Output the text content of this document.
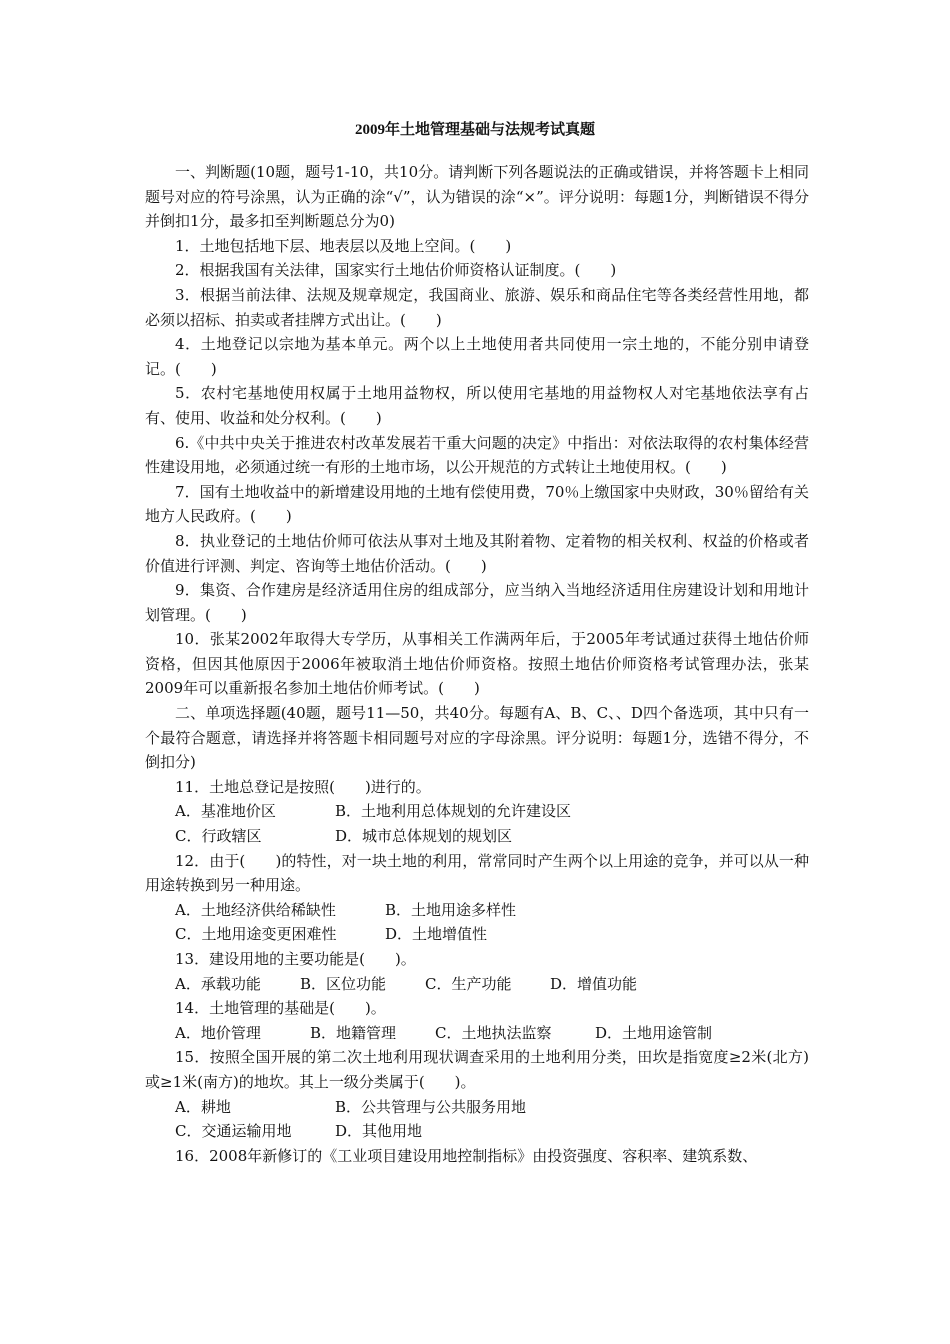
2009年土地管理基础与法规考试真题

一、判断题(10题，题号1-10，共10分。请判断下列各题说法的正确或错误，并将答题卡上相同题号对应的符号涂黑，认为正确的涂“√”，认为错误的涂“×”。评分说明：每题1分，判断错误不得分并倒扣1分，最多扣至判断题总分为0)

1．土地包括地下层、地表层以及地上空间。(　　)

2．根据我国有关法律，国家实行土地估价师资格认证制度。(　　)

3．根据当前法律、法规及规章规定，我国商业、旅游、娱乐和商品住宅等各类经营性用地，都必须以招标、拍卖或者挂牌方式出让。(　　)

4．土地登记以宗地为基本单元。两个以上土地使用者共同使用一宗土地的，不能分别申请登记。(　　)

5．农村宅基地使用权属于土地用益物权，所以使用宅基地的用益物权人对宅基地依法享有占有、使用、收益和处分权利。(　　)

6.《中共中央关于推进农村改革发展若干重大问题的决定》中指出：对依法取得的农村集体经营性建设用地，必须通过统一有形的土地市场，以公开规范的方式转让土地使用权。(　　)

7．国有土地收益中的新增建设用地的土地有偿使用费，70％上缴国家中央财政，30％留给有关地方人民政府。(　　)

8．执业登记的土地估价师可依法从事对土地及其附着物、定着物的相关权利、权益的价格或者价值进行评测、判定、咨询等土地估价活动。(　　)

9．集资、合作建房是经济适用住房的组成部分，应当纳入当地经济适用住房建设计划和用地计划管理。(　　)

10．张某2002年取得大专学历，从事相关工作满两年后，于2005年考试通过获得土地估价师资格，但因其他原因于2006年被取消土地估价师资格。按照土地估价师资格考试管理办法，张某2009年可以重新报名参加土地估价师考试。(　　)

二、单项选择题(40题，题号11—50，共40分。每题有A、B、C、、D四个备选项，其中只有一个最符合题意，请选择并将答题卡相同题号对应的字母涂黑。评分说明：每题1分，选错不得分，不倒扣分)

11．土地总登记是按照(　　)进行的。

A．基准地价区	B．土地利用总体规划的允许建设区

C．行政辖区	D．城市总体规划的规划区

12．由于(　　)的特性，对一块土地的利用，常常同时产生两个以上用途的竞争，并可以从一种用途转换到另一种用途。

A．土地经济供给稀缺性	B．土地用途多样性

C．土地用途变更困难性	D．土地增值性

13．建设用地的主要功能是(　　)。

A．承载功能	B．区位功能	C．生产功能	D．增值功能

14．土地管理的基础是(　　)。

A．地价管理	B．地籍管理	C．土地执法监察	D．土地用途管制

15．按照全国开展的第二次土地利用现状调查采用的土地利用分类，田坎是指宽度≥2米(北方)或≥1米(南方)的地坎。其上一级分类属于(　　)。

A．耕地	B．公共管理与公共服务用地

C．交通运输用地	D．其他用地

16．2008年新修订的《工业项目建设用地控制指标》由投资强度、容积率、建筑系数、
